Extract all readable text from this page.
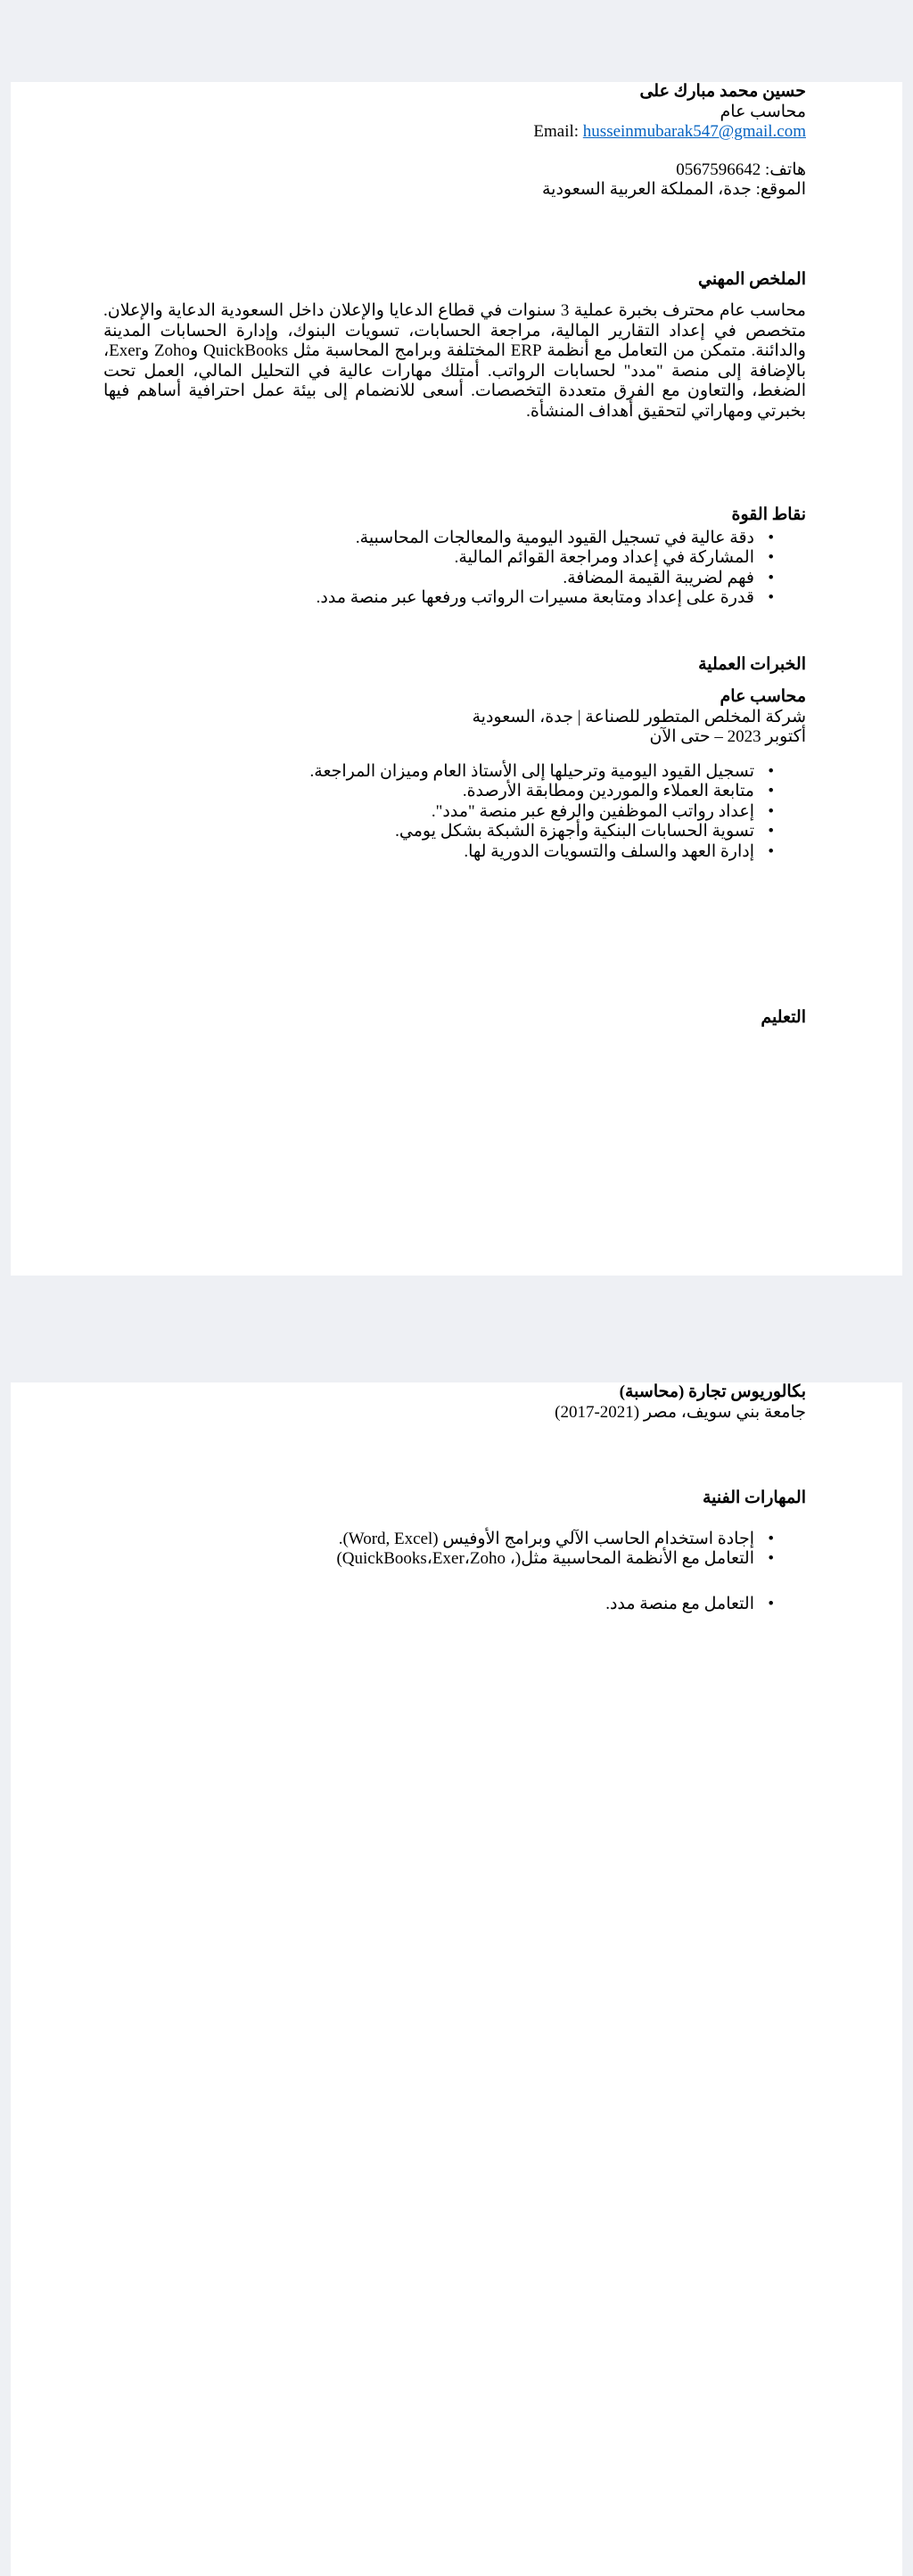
حسين محمد مبارك على
محاسب عام
Email: husseinmubarak547@gmail.com
هاتف: 0567596642
الموقع: جدة، المملكة العربية السعودية
الملخص المهني
محاسب عام محترف بخبرة عملية 3 سنوات في قطاع الدعايا والإعلان داخل السعودية الدعاية والإعلان. متخصص في إعداد التقارير المالية، مراجعة الحسابات، تسويات البنوك، وإدارة الحسابات المدينة والدائنة. متمكن من التعامل مع أنظمة ERP المختلفة وبرامج المحاسبة مثل QuickBooks وZoho وExer، بالإضافة إلى منصة "مدد" لحسابات الرواتب. أمتلك مهارات عالية في التحليل المالي، العمل تحت الضغط، والتعاون مع الفرق متعددة التخصصات. أسعى للانضمام إلى بيئة عمل احترافية أساهم فيها بخبرتي ومهاراتي لتحقيق أهداف المنشأة.
نقاط القوة
• دقة عالية في تسجيل القيود اليومية والمعالجات المحاسبية.
• المشاركة في إعداد ومراجعة القوائم المالية.
• فهم لضريبة القيمة المضافة.
• قدرة على إعداد ومتابعة مسيرات الرواتب ورفعها عبر منصة مدد.
الخبرات العملية
محاسب عام
شركة المخلص المتطور للصناعة | جدة، السعودية
أكتوبر 2023 – حتى الآن
• تسجيل القيود اليومية وترحيلها إلى الأستاذ العام وميزان المراجعة.
• متابعة العملاء والموردين ومطابقة الأرصدة.
• إعداد رواتب الموظفين والرفع عبر منصة "مدد".
• تسوية الحسابات البنكية وأجهزة الشبكة بشكل يومي.
• إدارة العهد والسلف والتسويات الدورية لها.
التعليم
بكالوريوس تجارة (محاسبة)
جامعة بني سويف، مصر (2021-2017)
المهارات الفنية
• إجادة استخدام الحاسب الآلي وبرامج الأوفيس (Word, Excel).
• التعامل مع الأنظمة المحاسبية مثل(، QuickBooks،Exer،Zoho)
• التعامل مع منصة مدد.
